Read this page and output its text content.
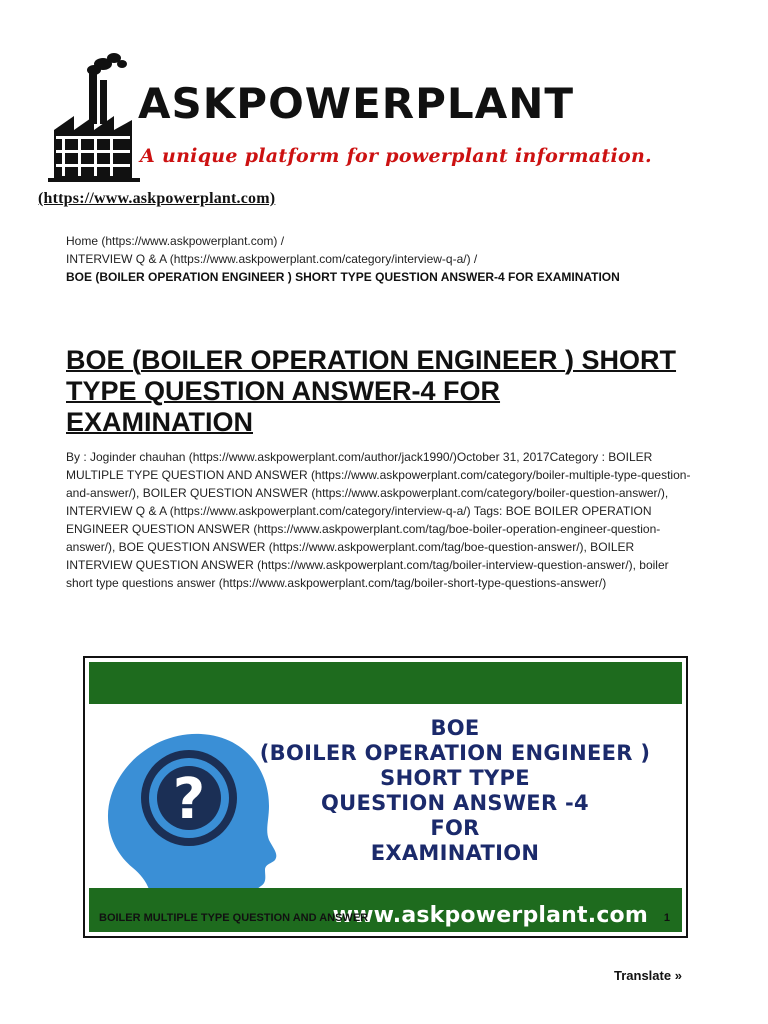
ASKPOWERPLANT
A unique platform for powerplant information.
(https://www.askpowerplant.com)
Home (https://www.askpowerplant.com) /
INTERVIEW Q & A (https://www.askpowerplant.com/category/interview-q-a/) /
BOE (BOILER OPERATION ENGINEER ) SHORT TYPE QUESTION ANSWER-4 FOR EXAMINATION
BOE (BOILER OPERATION ENGINEER ) SHORT TYPE QUESTION ANSWER-4 FOR EXAMINATION
By : Joginder chauhan (https://www.askpowerplant.com/author/jack1990/)October 31, 2017Category : BOILER MULTIPLE TYPE QUESTION AND ANSWER (https://www.askpowerplant.com/category/boiler-multiple-type-question-and-answer/), BOILER QUESTION ANSWER (https://www.askpowerplant.com/category/boiler-question-answer/), INTERVIEW Q & A (https://www.askpowerplant.com/category/interview-q-a/) Tags: BOE BOILER OPERATION ENGINEER QUESTION ANSWER (https://www.askpowerplant.com/tag/boe-boiler-operation-engineer-question-answer/), BOE QUESTION ANSWER (https://www.askpowerplant.com/tag/boe-question-answer/), BOILER INTERVIEW QUESTION ANSWER (https://www.askpowerplant.com/tag/boiler-interview-question-answer/), boiler short type questions answer (https://www.askpowerplant.com/tag/boiler-short-type-questions-answer/)
?
BOE
(BOILER OPERATION ENGINEER )
SHORT TYPE
QUESTION ANSWER -4
FOR
EXAMINATION
www.askpowerplant.com
BOILER MULTIPLE TYPE QUESTION AND ANSWER	1
Translate »
